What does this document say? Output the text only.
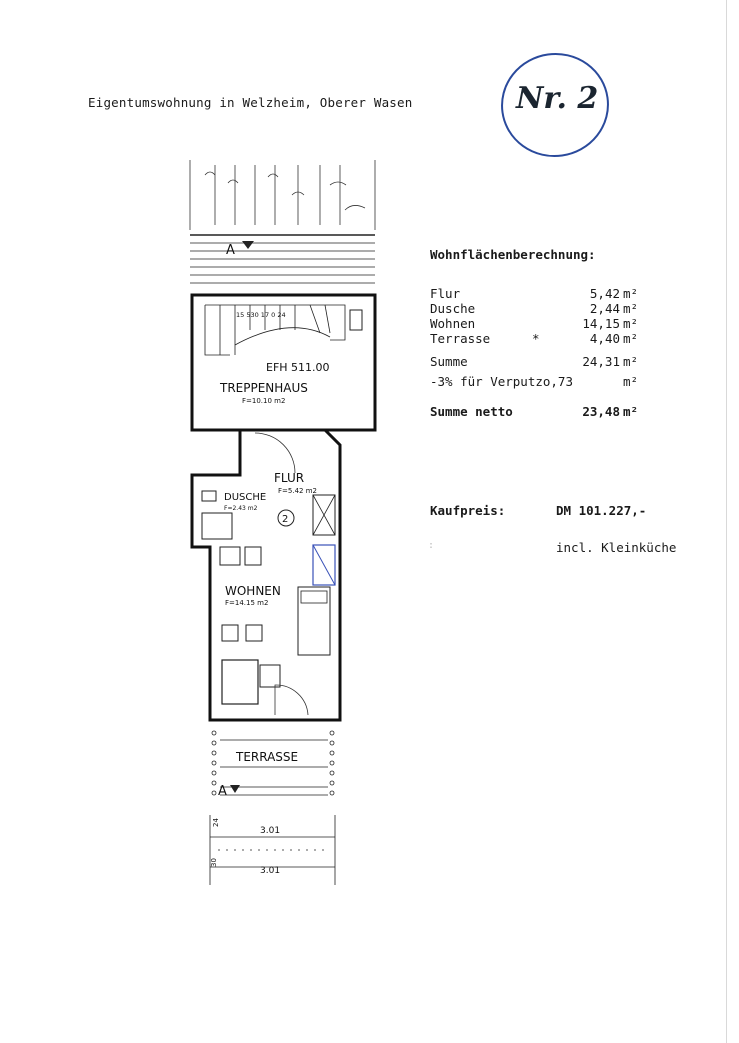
Eigentumswohnung in Welzheim, Oberer Wasen	Nr. 2
Wohnflächenberechnung:
Flur	5,42 m²
Dusche	2,44 m²
Wohnen	14,15 m²
Terrasse	*	4,40 m²
Summe	24,31 m²
-3% für Verputzo,73	m²
Summe netto	23,48 m²
Kaufpreis:	DM 101.227,-
incl. Kleinküche
:
A
15 530 17 0 24
EFH 511.00
TREPPENHAUS
F=10.10 m2
FLUR
F=5.42 m2
2
DUSCHE
F=2.43 m2
WOHNEN
F=14.15 m2
TERRASSE
A
3.01
3.01
24
30
